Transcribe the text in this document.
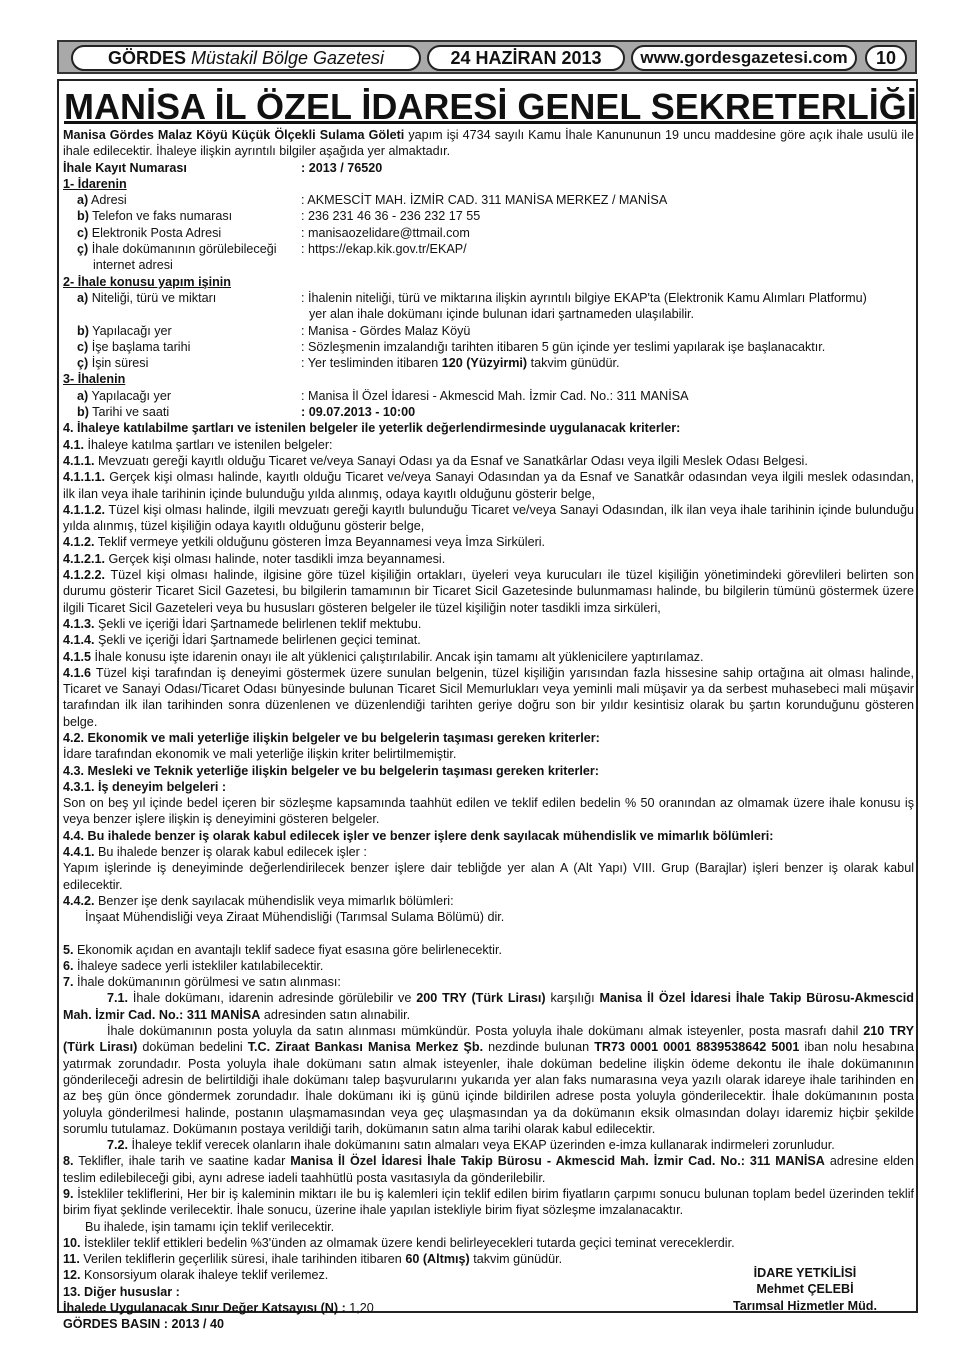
GÖRDES Müstakil Bölge Gazetesi	24 HAZİRAN 2013	www.gordesgazetesi.com	10
MANİSA İL ÖZEL İDARESİ GENEL SEKRETERLİĞİ

Manisa Gördes Malaz Köyü Küçük Ölçekli Sulama Göleti yapım işi 4734 sayılı Kamu İhale Kanununun 19 uncu maddesine göre açık ihale usulü ile ihale edilecektir. İhaleye ilişkin ayrıntılı bilgiler aşağıda yer almaktadır.

İhale Kayıt Numarası	: 2013 / 76520
1- İdarenin
a) Adresi	: AKMESCİT MAH. İZMİR CAD. 311 MANİSA MERKEZ / MANİSA
b) Telefon ve faks numarası	: 236 231 46 36 - 236 232 17 55
c) Elektronik Posta Adresi	: manisaozelidare@ttmail.com
ç) İhale dokümanının görülebileceği	: https://ekap.kik.gov.tr/EKAP/
internet adresi
2- İhale konusu yapım işinin
a) Niteliği, türü ve miktarı	: İhalenin niteliği, türü ve miktarına ilişkin ayrıntılı bilgiye EKAP'ta (Elektronik Kamu Alımları Platformu)
yer alan ihale dokümanı içinde bulunan idari şartnameden ulaşılabilir.
b) Yapılacağı yer	: Manisa - Gördes Malaz Köyü
c) İşe başlama tarihi	: Sözleşmenin imzalandığı tarihten itibaren 5 gün içinde yer teslimi yapılarak işe başlanacaktır.
ç) İşin süresi	: Yer tesliminden itibaren 120 (Yüzyirmi) takvim günüdür.
3- İhalenin
a) Yapılacağı yer	: Manisa İl Özel İdaresi - Akmescid Mah. İzmir Cad. No.: 311 MANİSA
b) Tarihi ve saati	: 09.07.2013 - 10:00

4. İhaleye katılabilme şartları ve istenilen belgeler ile yeterlik değerlendirmesinde uygulanacak kriterler:

4.1. İhaleye katılma şartları ve istenilen belgeler:

4.1.1. Mevzuatı gereği kayıtlı olduğu Ticaret ve/veya Sanayi Odası ya da Esnaf ve Sanatkârlar Odası veya ilgili Meslek Odası Belgesi.

4.1.1.1. Gerçek kişi olması halinde, kayıtlı olduğu Ticaret ve/veya Sanayi Odasından ya da Esnaf ve Sanatkâr odasından veya ilgili meslek odasından, ilk ilan veya ihale tarihinin içinde bulunduğu yılda alınmış, odaya kayıtlı olduğunu gösterir belge,

4.1.1.2. Tüzel kişi olması halinde, ilgili mevzuatı gereği kayıtlı bulunduğu Ticaret ve/veya Sanayi Odasından, ilk ilan veya ihale tarihinin içinde bulunduğu yılda alınmış, tüzel kişiliğin odaya kayıtlı olduğunu gösterir belge,

4.1.2. Teklif vermeye yetkili olduğunu gösteren İmza Beyannamesi veya İmza Sirküleri.

4.1.2.1. Gerçek kişi olması halinde, noter tasdikli imza beyannamesi.

4.1.2.2. Tüzel kişi olması halinde, ilgisine göre tüzel kişiliğin ortakları, üyeleri veya kurucuları ile tüzel kişiliğin yönetimindeki görevlileri belirten son durumu gösterir Ticaret Sicil Gazetesi, bu bilgilerin tamamının bir Ticaret Sicil Gazetesinde bulunmaması halinde, bu bilgilerin tümünü göstermek üzere ilgili Ticaret Sicil Gazeteleri veya bu hususları gösteren belgeler ile tüzel kişiliğin noter tasdikli imza sirküleri,

4.1.3. Şekli ve içeriği İdari Şartnamede belirlenen teklif mektubu.

4.1.4. Şekli ve içeriği İdari Şartnamede belirlenen geçici teminat.

4.1.5 İhale konusu işte idarenin onayı ile alt yüklenici çalıştırılabilir. Ancak işin tamamı alt yüklenicilere yaptırılamaz.

4.1.6 Tüzel kişi tarafından iş deneyimi göstermek üzere sunulan belgenin, tüzel kişiliğin yarısından fazla hissesine sahip ortağına ait olması halinde, Ticaret ve Sanayi Odası/Ticaret Odası bünyesinde bulunan Ticaret Sicil Memurlukları veya yeminli mali müşavir ya da serbest muhasebeci mali müşavir tarafından ilk ilan tarihinden sonra düzenlenen ve düzenlendiği tarihten geriye doğru son bir yıldır kesintisiz olarak bu şartın korunduğunu gösteren belge.

4.2. Ekonomik ve mali yeterliğe ilişkin belgeler ve bu belgelerin taşıması gereken kriterler:

İdare tarafından ekonomik ve mali yeterliğe ilişkin kriter belirtilmemiştir.

4.3. Mesleki ve Teknik yeterliğe ilişkin belgeler ve bu belgelerin taşıması gereken kriterler:

4.3.1. İş deneyim belgeleri :

Son on beş yıl içinde bedel içeren bir sözleşme kapsamında taahhüt edilen ve teklif edilen bedelin % 50 oranından az olmamak üzere ihale konusu iş veya benzer işlere ilişkin iş deneyimini gösteren belgeler.

4.4. Bu ihalede benzer iş olarak kabul edilecek işler ve benzer işlere denk sayılacak mühendislik ve mimarlık bölümleri:

4.4.1. Bu ihalede benzer iş olarak kabul edilecek işler :

Yapım işlerinde iş deneyiminde değerlendirilecek benzer işlere dair tebliğde yer alan A (Alt Yapı) VIII. Grup (Barajlar) işleri benzer iş olarak kabul edilecektir.

4.4.2. Benzer işe denk sayılacak mühendislik veya mimarlık bölümleri:

İnşaat Mühendisliği veya Ziraat Mühendisliği (Tarımsal Sulama Bölümü) dir.

5. Ekonomik açıdan en avantajlı teklif sadece fiyat esasına göre belirlenecektir.

6. İhaleye sadece yerli istekliler katılabilecektir.

7. İhale dokümanının görülmesi ve satın alınması:

7.1. İhale dokümanı, idarenin adresinde görülebilir ve 200 TRY (Türk Lirası) karşılığı Manisa İl Özel İdaresi İhale Takip Bürosu-Akmescid Mah. İzmir Cad. No.: 311 MANİSA adresinden satın alınabilir.

İhale dokümanının posta yoluyla da satın alınması mümkündür. Posta yoluyla ihale dokümanı almak isteyenler, posta masrafı dahil 210 TRY (Türk Lirası) doküman bedelini T.C. Ziraat Bankası Manisa Merkez Şb. nezdinde bulunan TR73 0001 0001 8839538642 5001 iban nolu hesabına yatırmak zorundadır. Posta yoluyla ihale dokümanı satın almak isteyenler, ihale doküman bedeline ilişkin ödeme dekontu ile ihale dokümanının gönderileceği adresin de belirtildiği ihale dokümanı talep başvurularını yukarıda yer alan faks numarasına veya yazılı olarak idareye ihale tarihinden en az beş gün önce göndermek zorundadır. İhale dokümanı iki iş günü içinde bildirilen adrese posta yoluyla gönderilecektir. İhale dokümanının posta yoluyla gönderilmesi halinde, postanın ulaşmamasından veya geç ulaşmasından ya da dokümanın eksik olmasından dolayı idaremiz hiçbir şekilde sorumlu tutulamaz. Dokümanın postaya verildiği tarih, dokümanın satın alma tarihi olarak kabul edilecektir.

7.2. İhaleye teklif verecek olanların ihale dokümanını satın almaları veya EKAP üzerinden e-imza kullanarak indirmeleri zorunludur.

8. Teklifler, ihale tarih ve saatine kadar Manisa İl Özel İdaresi İhale Takip Bürosu - Akmescid Mah. İzmir Cad. No.: 311 MANİSA adresine elden teslim edilebileceği gibi, aynı adrese iadeli taahhütlü posta vasıtasıyla da gönderilebilir.

9. İstekliler tekliflerini, Her bir iş kaleminin miktarı ile bu iş kalemleri için teklif edilen birim fiyatların çarpımı sonucu bulunan toplam bedel üzerinden teklif birim fiyat şeklinde verilecektir. İhale sonucu, üzerine ihale yapılan istekliyle birim fiyat sözleşme imzalanacaktır.

Bu ihalede, işin tamamı için teklif verilecektir.

10. İstekliler teklif ettikleri bedelin %3'ünden az olmamak üzere kendi belirleyecekleri tutarda geçici teminat vereceklerdir.

11. Verilen tekliflerin geçerlilik süresi, ihale tarihinden itibaren 60 (Altmış) takvim günüdür.

12. Konsorsiyum olarak ihaleye teklif verilemez.

13. Diğer hususlar :

İhalede Uygulanacak Sınır Değer Katsayısı (N) : 1,20

GÖRDES BASIN : 2013 / 40

İDARE YETKİLİSİ
Mehmet ÇELEBİ
Tarımsal Hizmetler Müd.
